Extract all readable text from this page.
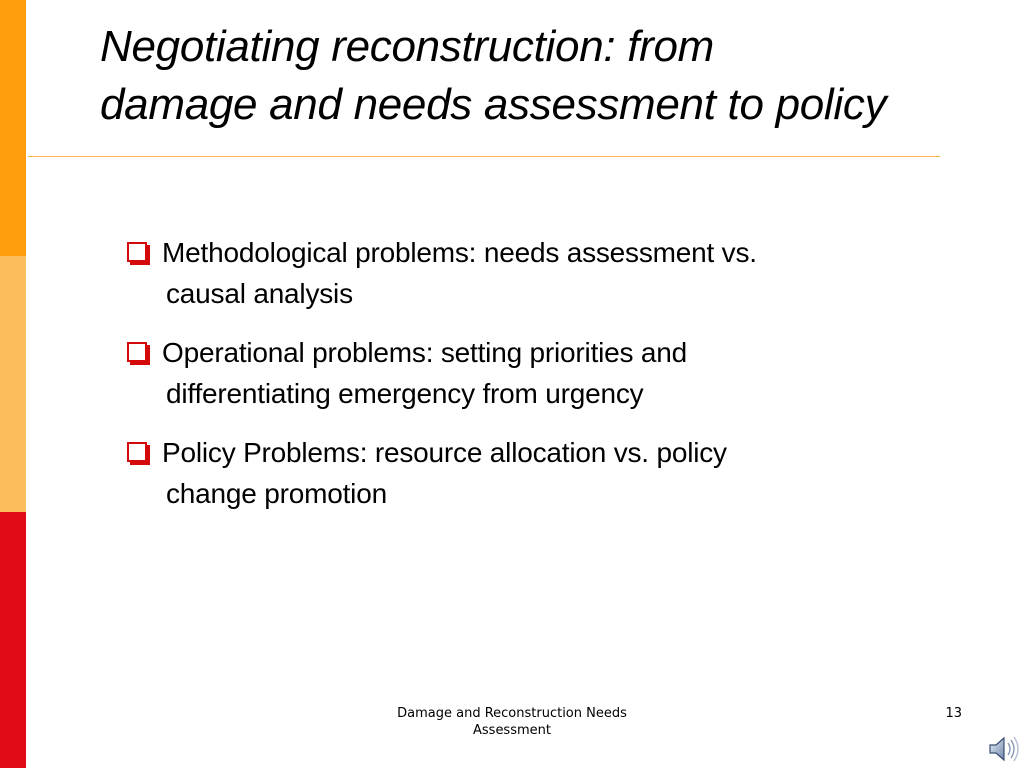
Negotiating reconstruction: from
damage and needs assessment to policy
Methodological problems: needs assessment vs.
causal analysis
Operational problems: setting priorities and
differentiating emergency from urgency
Policy Problems: resource allocation vs. policy
change promotion
Damage and Reconstruction Needs
Assessment
13
